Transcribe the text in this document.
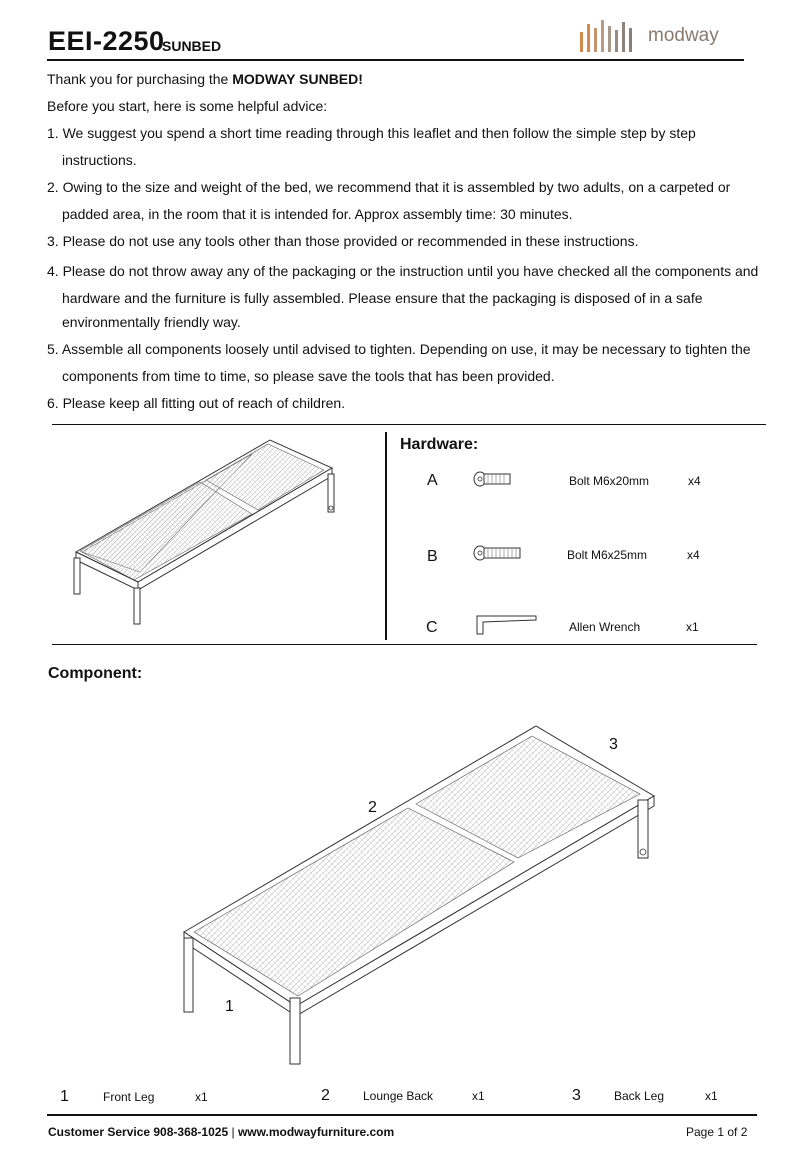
EEI-2250
SUNBED	modway
Thank you for purchasing the MODWAY SUNBED!
Before you start, here is some helpful advice:
1. We suggest you spend a short time reading through this leaflet and then follow the simple step by step
instructions.
2. Owing to the size and weight of the bed, we recommend that it is assembled by two adults, on a carpeted or
padded area, in the room that it is intended for. Approx assembly time: 30 minutes.
3. Please do not use any tools other than those provided or recommended in these instructions.
4. Please do not throw away any of the packaging or the instruction until you have checked all the components and
hardware and the furniture is fully assembled. Please ensure that the packaging is disposed of in a safe
environmentally friendly way.
5. Assemble all components loosely until advised to tighten. Depending on use, it may be necessary to tighten the
components from time to time, so please save the tools that has been provided.
6. Please keep all fitting out of reach of children.
Hardware:
A	Bolt M6x20mm	x4
B	Bolt M6x25mm	x4
C	Allen Wrench	x1
Component:
1
2
3
1	Front Leg	x1	2	Lounge Back	x1	3	Back Leg	x1
Customer Service 908-368-1025 | www.modwayfurniture.com	Page 1 of 2
